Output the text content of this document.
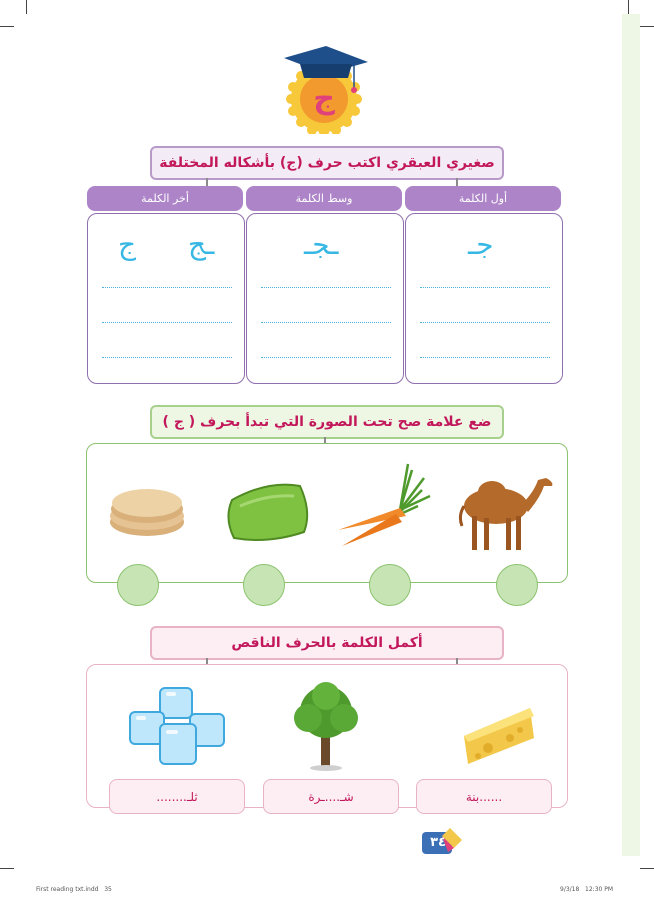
ج
صغيري العبقري اكتب حرف (ج) بأشكاله المختلفة
أول الكلمة
وسط الكلمة
أخر الكلمة
جـ
ـجـ
ـج
ج
ضع علامة صح تحت الصورة التي تبدأ بحرف ( ج )
أكمل الكلمة بالحرف الناقص
......بنة
شـ....ـرة
ثلـ........
٣٤
First reading txt.indd   35	9/3/18   12:30 PM
